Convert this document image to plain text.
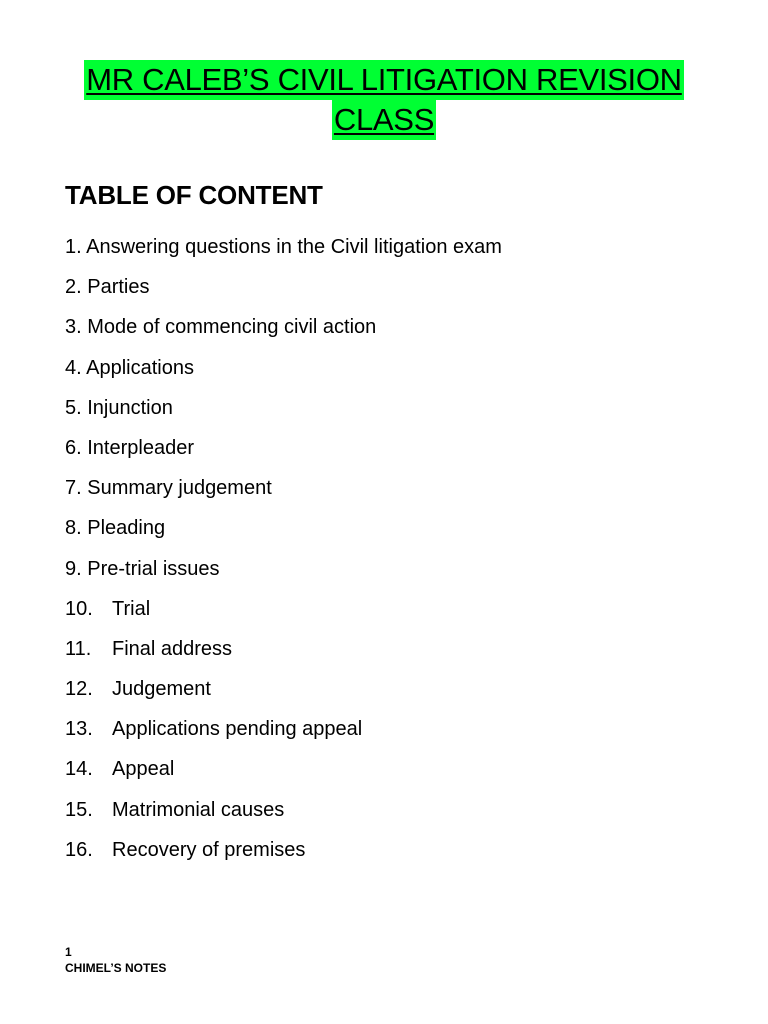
MR CALEB’S CIVIL LITIGATION REVISION
CLASS
TABLE OF CONTENT
1. Answering questions in the Civil litigation exam
2. Parties
3. Mode of commencing civil action
4. Applications
5. Injunction
6. Interpleader
7. Summary judgement
8. Pleading
9. Pre-trial issues
10. Trial
11. Final address
12. Judgement
13. Applications pending appeal
14. Appeal
15. Matrimonial causes
16. Recovery of premises
1
CHIMEL’S NOTES
